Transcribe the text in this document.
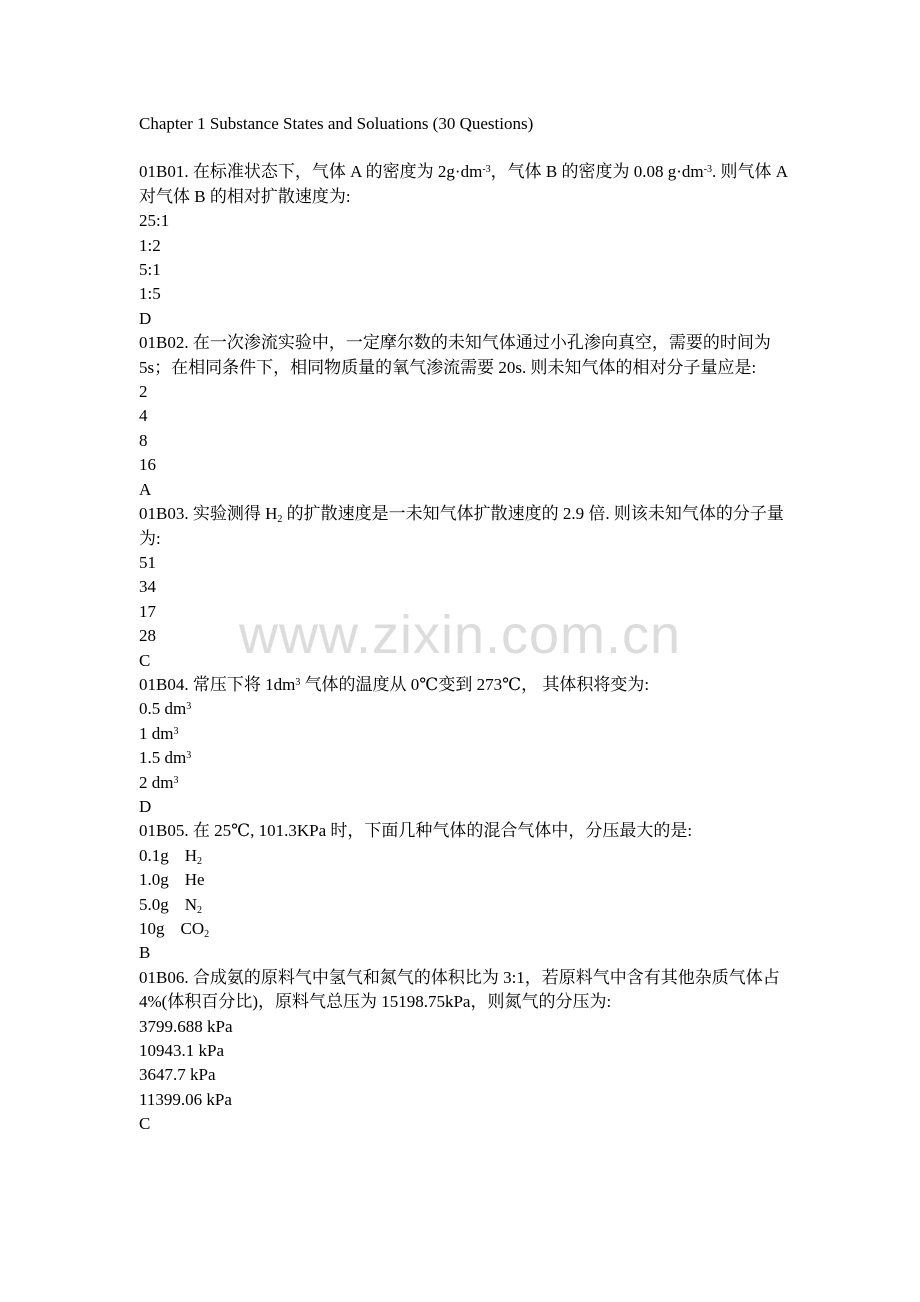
www.zixin.com.cn

Chapter 1 Substance States and Soluations (30 Questions)

01B01. 在标准状态下，气体 A 的密度为 $2g\cdot dm^{-3}$，气体 B 的密度为 0.08 $g\cdot dm^{-3}$. 则气体 A 对气体 B 的相对扩散速度为:

25:1

1:2

5:1

1:5

D

01B02. 在一次渗流实验中，一定摩尔数的未知气体通过小孔渗向真空，需要的时间为 5s；在相同条件下，相同物质量的氧气渗流需要 20s. 则未知气体的相对分子量应是:

2

4

8

16

A

01B03. 实验测得 $H_2$ 的扩散速度是一未知气体扩散速度的 2.9 倍. 则该未知气体的分子量为:

51

34

17

28

C

01B04. 常压下将 $1dm^3$ 气体的温度从 0℃变到 273℃， 其体积将变为:

0.5 $dm^3$

1 $dm^3$

1.5 $dm^3$

2 $dm^3$

D

01B05. 在 25℃, 101.3KPa 时，下面几种气体的混合气体中，分压最大的是:

0.1g $H_2$

1.0g He

5.0g $N_2$

10g $CO_2$

B

01B06. 合成氨的原料气中氢气和氮气的体积比为 3:1，若原料气中含有其他杂质气体占 4%(体积百分比)，原料气总压为 15198.75kPa，则氮气的分压为:

3799.688 kPa

10943.1 kPa

3647.7 kPa

11399.06 kPa

C
